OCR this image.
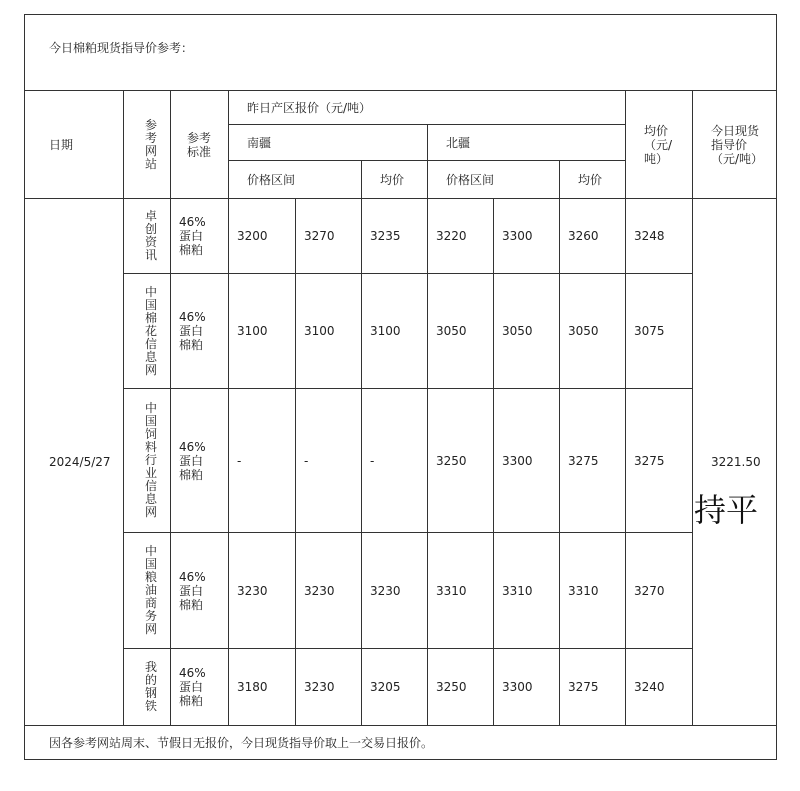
今日棉粕现货指导价参考：										
日期	参考网站	参考标准	昨日产区报价（元/吨）						均价（元/吨）	今日现货指导价（元/吨）

			南疆			北疆				
			价格区间		均价	价格区间		均价		
2024/5/27	卓创资讯	46%蛋白棉粕	3200	3270	3235	3220	3300	3260	3248	3221.50

	中国棉花信息网	46%蛋白棉粕	3100	3100	3100	3050	3050	3050	3075	

	中国饲料行业信息网	46%蛋白棉粕	-	-	-	3250	3300	3275	3275	

	中国粮油商务网	46%蛋白棉粕	3230	3230	3230	3310	3310	3310	3270	

	我的钢铁	46%蛋白棉粕	3180	3230	3205	3250	3300	3275	3240	
因各参考网站周末、节假日无报价，今日现货指导价取上一交易日报价。										
持平
